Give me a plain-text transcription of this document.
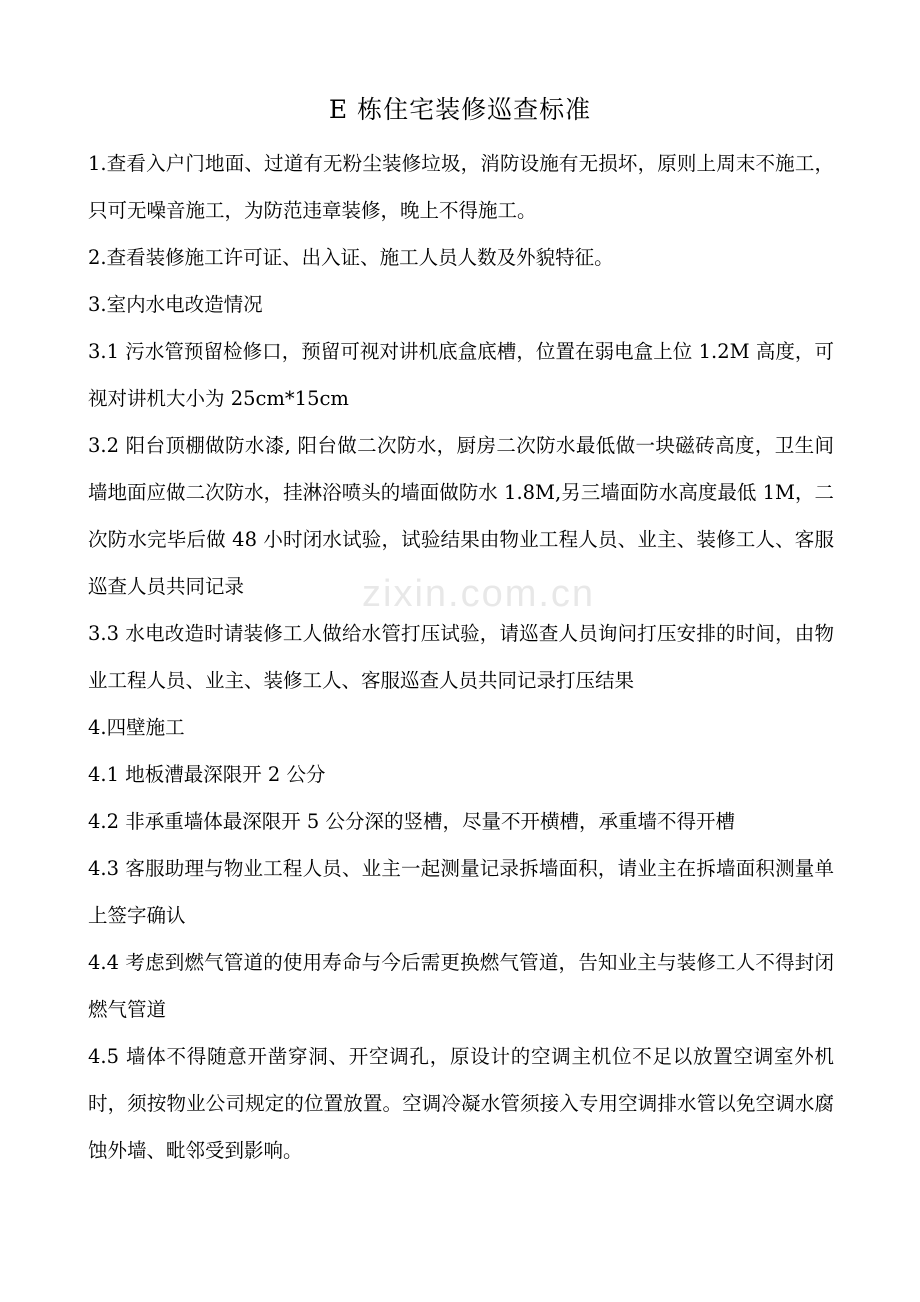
E 栋住宅装修巡查标准

1.查看入户门地面、过道有无粉尘装修垃圾，消防设施有无损坏，原则上周末不施工，只可无噪音施工，为防范违章装修，晚上不得施工。

2.查看装修施工许可证、出入证、施工人员人数及外貌特征。

3.室内水电改造情况

3.1 污水管预留检修口，预留可视对讲机底盒底槽，位置在弱电盒上位 1.2M 高度，可视对讲机大小为 25cm*15cm

3.2 阳台顶棚做防水漆, 阳台做二次防水，厨房二次防水最低做一块磁砖高度，卫生间墙地面应做二次防水，挂淋浴喷头的墙面做防水 1.8M,另三墙面防水高度最低 1M，二次防水完毕后做 48 小时闭水试验，试验结果由物业工程人员、业主、装修工人、客服巡查人员共同记录

3.3 水电改造时请装修工人做给水管打压试验，请巡查人员询问打压安排的时间，由物业工程人员、业主、装修工人、客服巡查人员共同记录打压结果

4.四壁施工

4.1 地板漕最深限开 2 公分

4.2 非承重墙体最深限开 5 公分深的竖槽，尽量不开横槽，承重墙不得开槽

4.3 客服助理与物业工程人员、业主一起测量记录拆墙面积，请业主在拆墙面积测量单上签字确认

4.4 考虑到燃气管道的使用寿命与今后需更换燃气管道，告知业主与装修工人不得封闭燃气管道

4.5 墙体不得随意开凿穿洞、开空调孔，原设计的空调主机位不足以放置空调室外机时，须按物业公司规定的位置放置。空调冷凝水管须接入专用空调排水管以免空调水腐蚀外墙、毗邻受到影响。

zixin.com.cn
